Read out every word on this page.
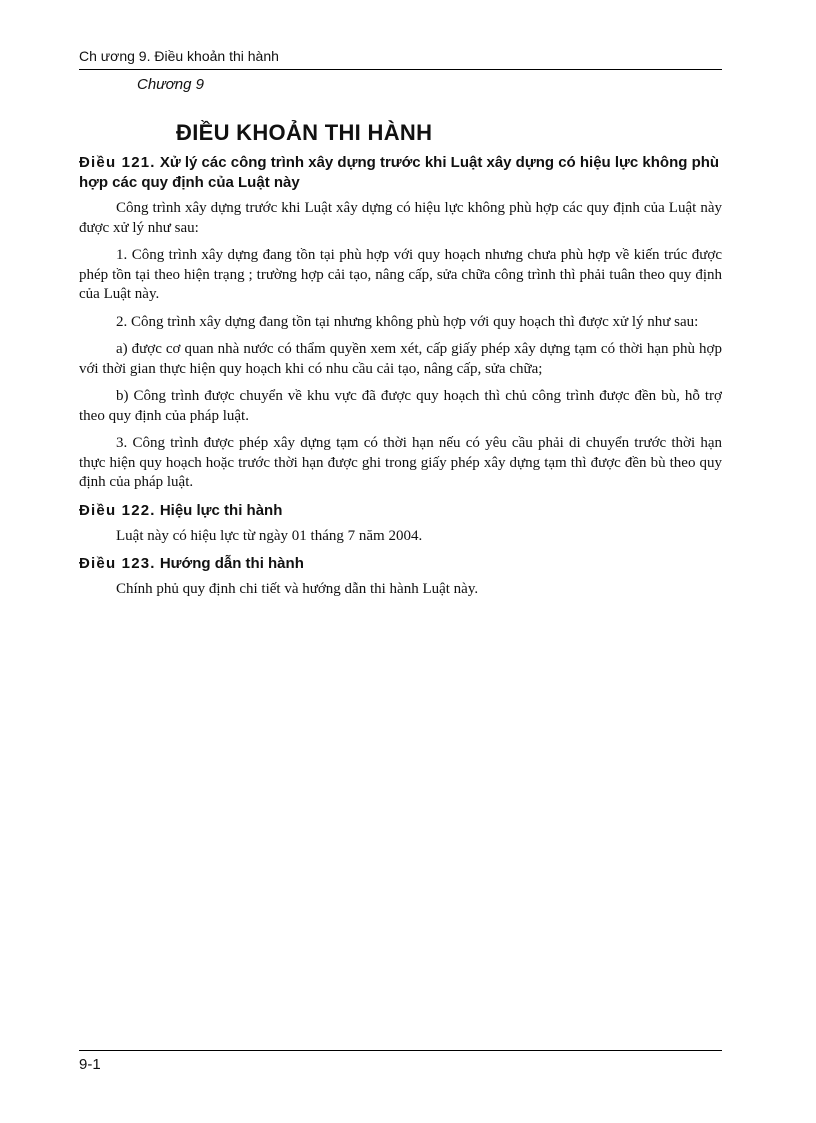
Ch ương 9. Điều khoản thi hành
Chương 9
ĐIỀU KHOẢN THI HÀNH
Điều 121. Xử lý các công trình xây dựng trước khi Luật xây dựng có hiệu lực không phù hợp các quy định của Luật này

Công trình xây dựng trước khi Luật xây dựng có hiệu lực không phù hợp các quy định của Luật này được xử lý như sau:

1. Công trình xây dựng đang tồn tại phù hợp với quy hoạch nhưng chưa phù hợp về kiến trúc được phép tồn tại theo hiện trạng ; trường hợp cải tạo, nâng cấp, sửa chữa công trình thì phải tuân theo quy định của Luật này.

2. Công trình xây dựng đang tồn tại nhưng không phù hợp với quy hoạch thì được xử lý như sau:

a) được cơ quan nhà nước có thẩm quyền xem xét, cấp giấy phép xây dựng tạm có thời hạn phù hợp với thời gian thực hiện quy hoạch khi có nhu cầu cải tạo, nâng cấp, sửa chữa;

b) Công trình được chuyển về khu vực đã được quy hoạch thì chủ công trình được đền bù, hỗ trợ theo quy định của pháp luật.

3. Công trình được phép xây dựng tạm có thời hạn nếu có yêu cầu phải di chuyển trước thời hạn thực hiện quy hoạch hoặc trước thời hạn được ghi trong giấy phép xây dựng tạm thì được đền bù theo quy định của pháp luật.

Điều 122. Hiệu lực thi hành

Luật này có hiệu lực từ ngày 01 tháng 7 năm 2004.

Điều 123. Hướng dẫn thi hành

Chính phủ quy định chi tiết và hướng dẫn thi hành Luật này.

9-1
